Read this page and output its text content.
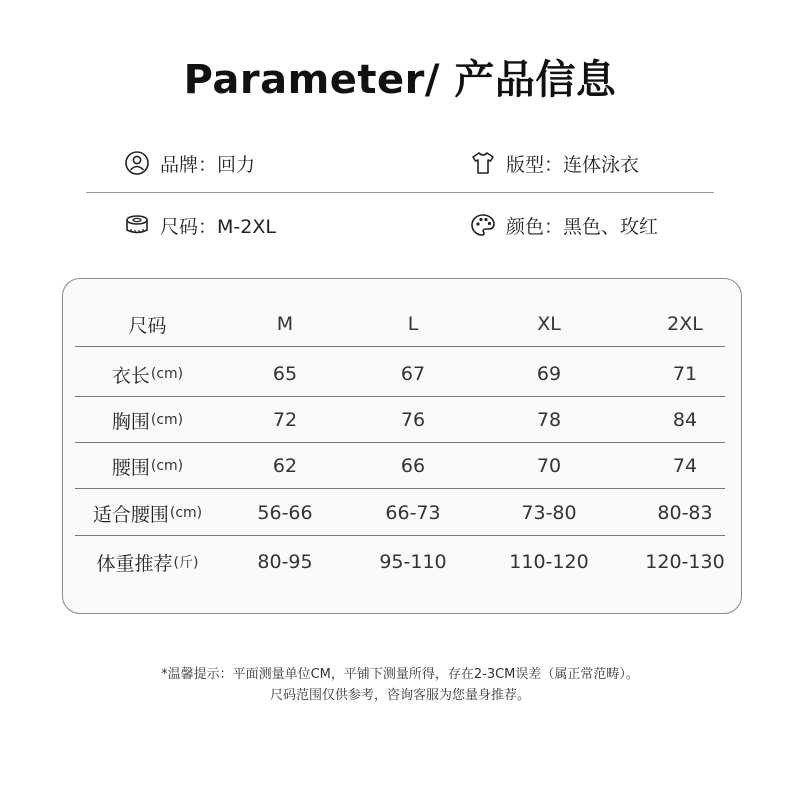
Parameter/ 产品信息
品牌：回力	版型：连体泳衣
尺码：M-2XL	颜色：黑色、玫红
尺码	M	L	XL	2XL
衣长 (cm)	65	67	69	71
胸围 (cm)	72	76	78	84
腰围 (cm)	62	66	70	74
适合腰围 (cm)	56-66	66-73	73-80	80-83
体重推荐 (斤)	80-95	95-110	110-120	120-130
*温馨提示：平面测量单位CM，平铺下测量所得，存在2-3CM误差（属正常范畴）。
尺码范围仅供参考，咨询客服为您量身推荐。
